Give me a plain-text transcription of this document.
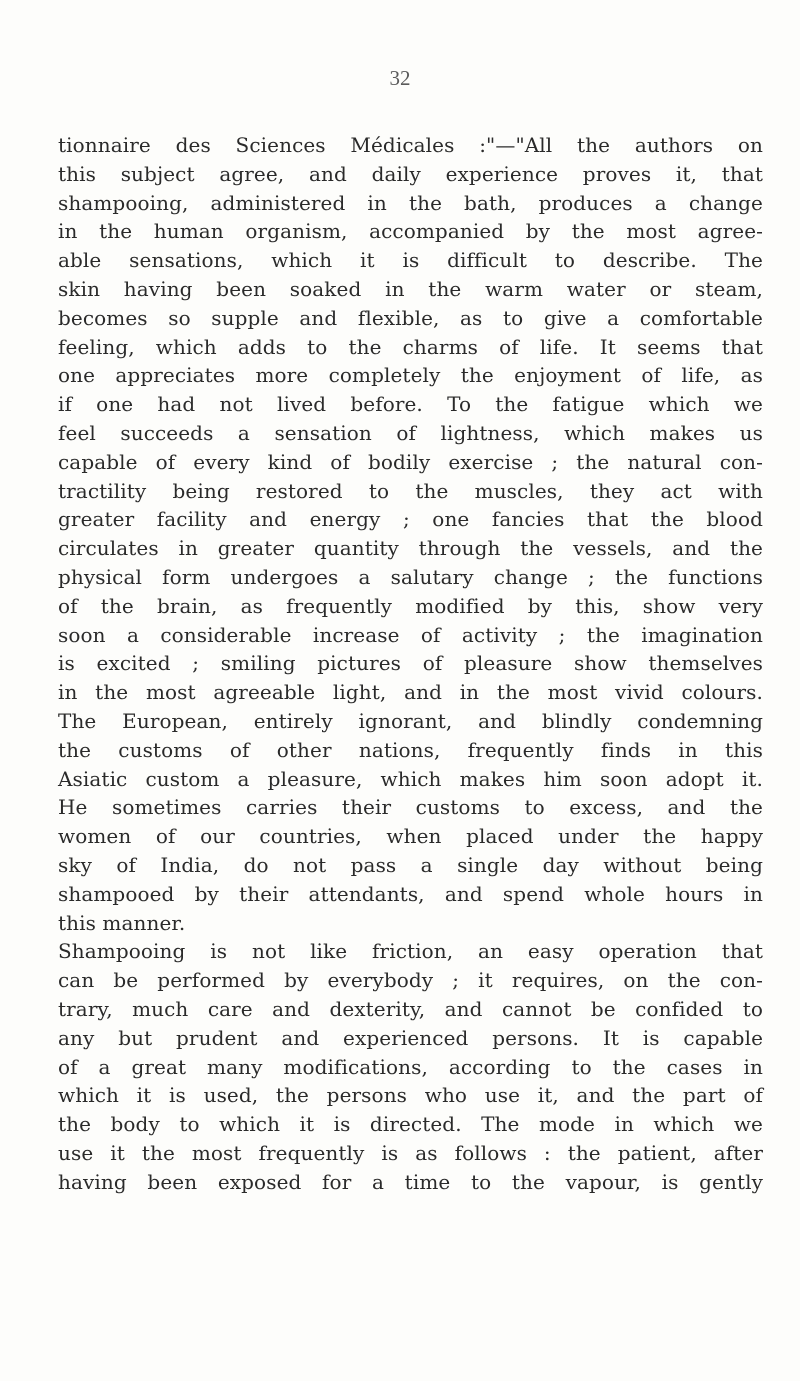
32
tionnaire des Sciences Médicales :"—"All the authors on
this subject agree, and daily experience proves it, that
shampooing, administered in the bath, produces a change
in the human organism, accompanied by the most agree-
able sensations, which it is difficult to describe. The
skin having been soaked in the warm water or steam,
becomes so supple and flexible, as to give a comfortable
feeling, which adds to the charms of life. It seems that
one appreciates more completely the enjoyment of life, as
if one had not lived before. To the fatigue which we
feel succeeds a sensation of lightness, which makes us
capable of every kind of bodily exercise ; the natural con-
tractility being restored to the muscles, they act with
greater facility and energy ; one fancies that the blood
circulates in greater quantity through the vessels, and the
physical form undergoes a salutary change ; the functions
of the brain, as frequently modified by this, show very
soon a considerable increase of activity ; the imagination
is excited ; smiling pictures of pleasure show themselves
in the most agreeable light, and in the most vivid colours.
The European, entirely ignorant, and blindly condemning
the customs of other nations, frequently finds in this
Asiatic custom a pleasure, which makes him soon adopt it.
He sometimes carries their customs to excess, and the
women of our countries, when placed under the happy
sky of India, do not pass a single day without being
shampooed by their attendants, and spend whole hours in
this manner.
Shampooing is not like friction, an easy operation that
can be performed by everybody ; it requires, on the con-
trary, much care and dexterity, and cannot be confided to
any but prudent and experienced persons. It is capable
of a great many modifications, according to the cases in
which it is used, the persons who use it, and the part of
the body to which it is directed. The mode in which we
use it the most frequently is as follows : the patient, after
having been exposed for a time to the vapour, is gently
